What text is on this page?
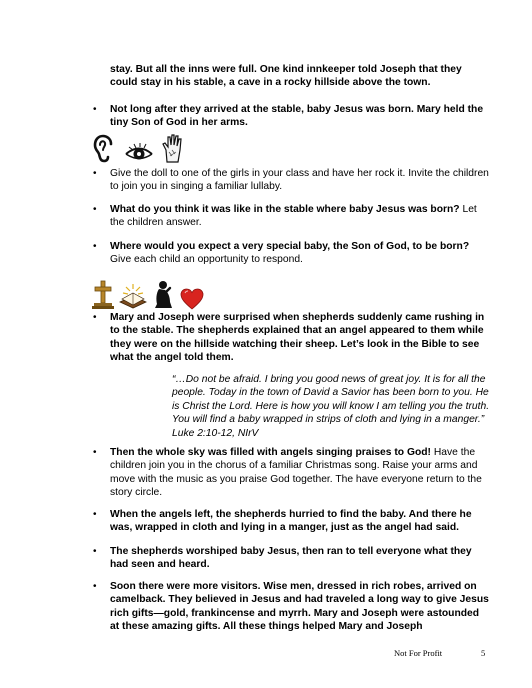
stay. But all the inns were full. One kind innkeeper told Joseph that they could stay in his stable, a cave in a rocky hillside above the town.
• Not long after they arrived at the stable, baby Jesus was born. Mary held the tiny Son of God in her arms.
• Give the doll to one of the girls in your class and have her rock it. Invite the children to join you in singing a familiar lullaby.
• What do you think it was like in the stable where baby Jesus was born? Let the children answer.
• Where would you expect a very special baby, the Son of God, to be born? Give each child an opportunity to respond.
• Mary and Joseph were surprised when shepherds suddenly came rushing in to the stable. The shepherds explained that an angel appeared to them while they were on the hillside watching their sheep. Let’s look in the Bible to see what the angel told them.
“…Do not be afraid. I bring you good news of great joy. It is for all the people. Today in the town of David a Savior has been born to you. He is Christ the Lord. Here is how you will know I am telling you the truth. You will find a baby wrapped in strips of cloth and lying in a manger.” Luke 2:10-12, NIrV
• Then the whole sky was filled with angels singing praises to God! Have the children join you in the chorus of a familiar Christmas song. Raise your arms and move with the music as you praise God together. The have everyone return to the story circle.
• When the angels left, the shepherds hurried to find the baby. And there he was, wrapped in cloth and lying in a manger, just as the angel had said.
• The shepherds worshiped baby Jesus, then ran to tell everyone what they had seen and heard.
• Soon there were more visitors. Wise men, dressed in rich robes, arrived on camelback. They believed in Jesus and had traveled a long way to give Jesus rich gifts—gold, frankincense and myrrh. Mary and Joseph were astounded at these amazing gifts. All these things helped Mary and Joseph
Not For Profit	5
